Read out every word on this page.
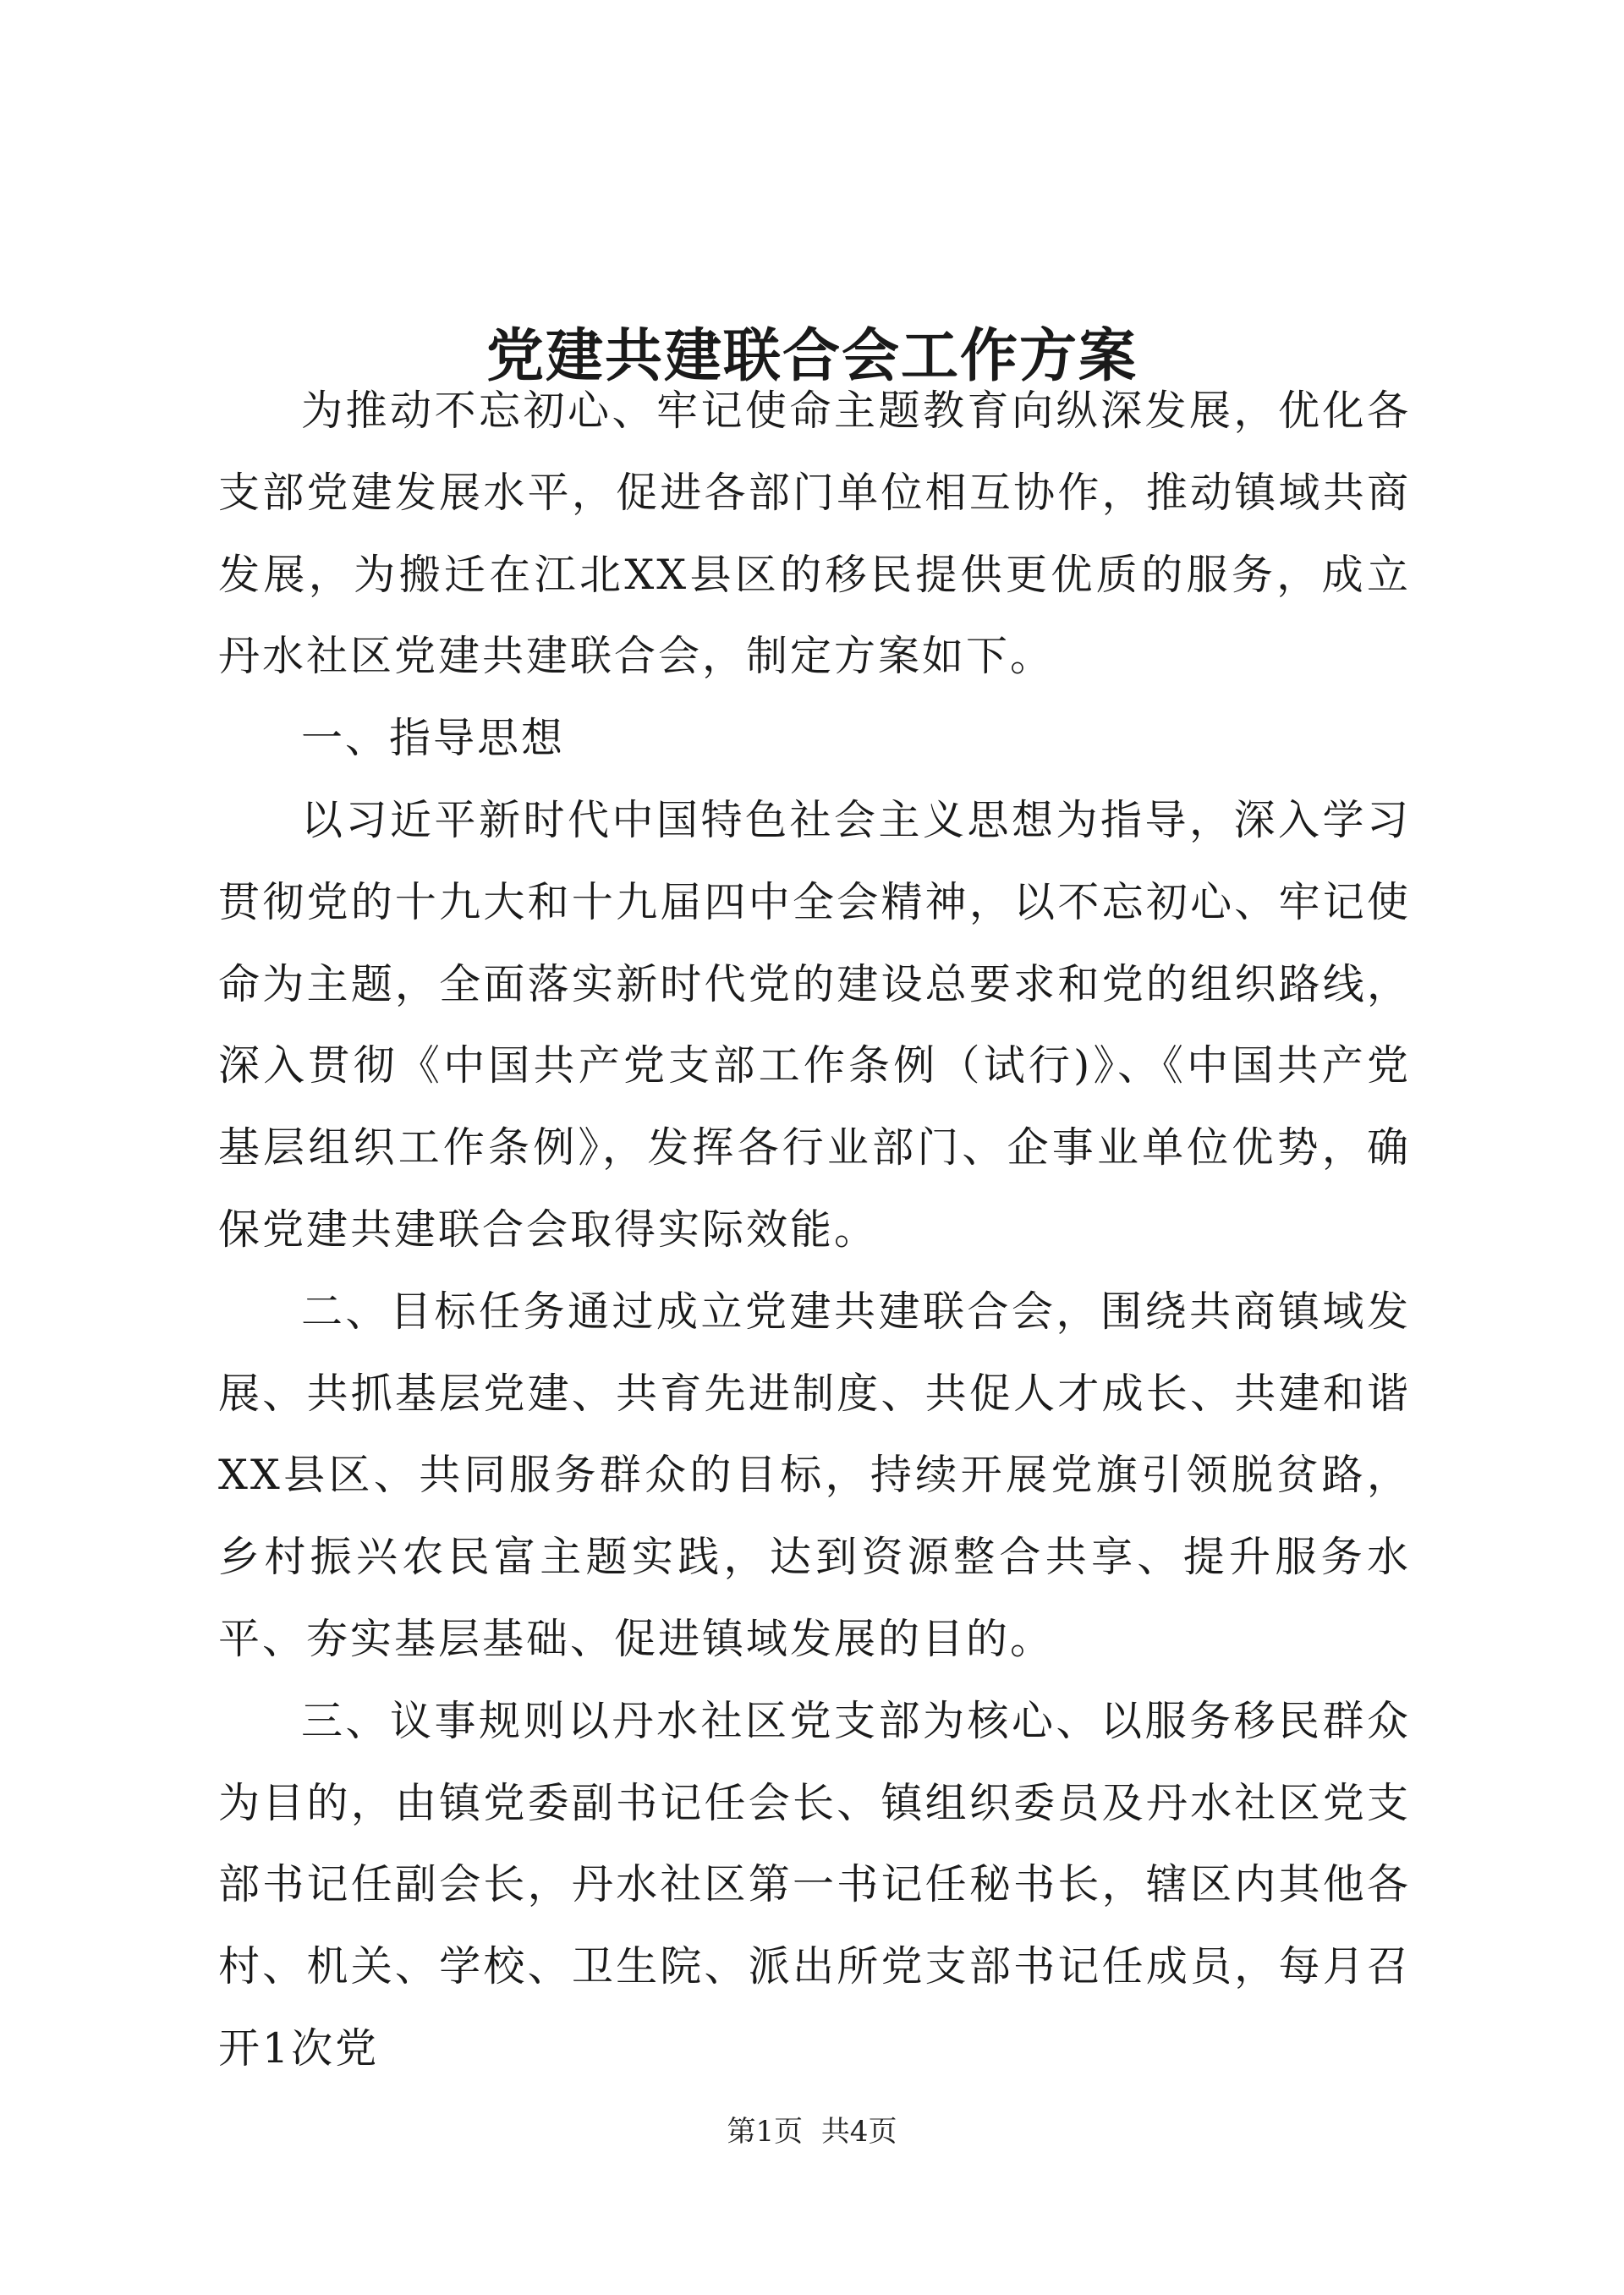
党建共建联合会工作方案

为推动不忘初心、牢记使命主题教育向纵深发展，优化各支部党建发展水平，促进各部门单位相互协作，推动镇域共商发展，为搬迁在江北XX县区的移民提供更优质的服务，成立丹水社区党建共建联合会，制定方案如下。

一、指导思想

以习近平新时代中国特色社会主义思想为指导，深入学习贯彻党的十九大和十九届四中全会精神，以不忘初心、牢记使命为主题，全面落实新时代党的建设总要求和党的组织路线，深入贯彻《中国共产党支部工作条例（试行)》、《中国共产党基层组织工作条例》，发挥各行业部门、企事业单位优势，确保党建共建联合会取得实际效能。

二、目标任务通过成立党建共建联合会，围绕共商镇域发展、共抓基层党建、共育先进制度、共促人才成长、共建和谐XX县区、共同服务群众的目标，持续开展党旗引领脱贫路，乡村振兴农民富主题实践，达到资源整合共享、提升服务水平、夯实基层基础、促进镇域发展的目的。

三、议事规则以丹水社区党支部为核心、以服务移民群众为目的，由镇党委副书记任会长、镇组织委员及丹水社区党支部书记任副会长，丹水社区第一书记任秘书长，辖区内其他各村、机关、学校、卫生院、派出所党支部书记任成员，每月召开1次党

第1页 共4页
